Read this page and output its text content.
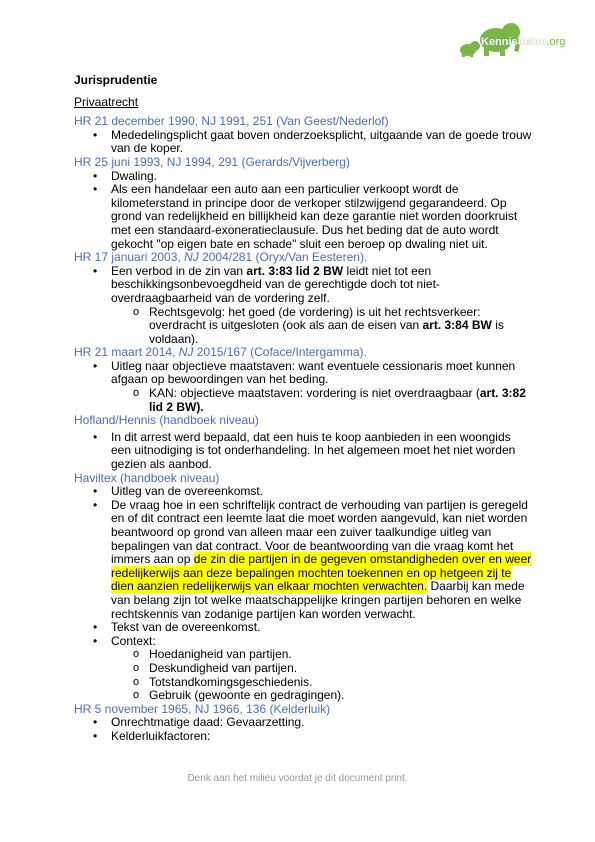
Kennisdelen.org
Jurisprudentie
Privaatrecht
HR 21 december 1990, NJ 1991, 251 (Van Geest/Nederlof)
• Mededelingsplicht gaat boven onderzoeksplicht, uitgaande van de goede trouw van de koper.
HR 25 juni 1993, NJ 1994, 291 (Gerards/Vijverberg)
• Dwaling.
• Als een handelaar een auto aan een particulier verkoopt wordt de kilometerstand in principe door de verkoper stilzwijgend gegarandeerd. Op grond van redelijkheid en billijkheid kan deze garantie niet worden doorkruist met een standaard-exoneratieclausule. Dus het beding dat de auto wordt gekocht "op eigen bate en schade" sluit een beroep op dwaling niet uit.
HR 17 januari 2003, NJ 2004/281 (Oryx/Van Eesteren).
• Een verbod in de zin van art. 3:83 lid 2 BW leidt niet tot een beschikkingsonbevoegdheid van de gerechtigde doch tot niet-overdraagbaarheid van de vordering zelf.
o Rechtsgevolg: het goed (de vordering) is uit het rechtsverkeer: overdracht is uitgesloten (ook als aan de eisen van art. 3:84 BW is voldaan).
HR 21 maart 2014, NJ 2015/167 (Coface/Intergamma).
• Uitleg naar objectieve maatstaven: want eventuele cessionaris moet kunnen afgaan op bewoordingen van het beding.
o KAN: objectieve maatstaven: vordering is niet overdraagbaar (art. 3:82 lid 2 BW).
Hofland/Hennis (handboek niveau)
• In dit arrest werd bepaald, dat een huis te koop aanbieden in een woongids een uitnodiging is tot onderhandeling. In het algemeen moet het niet worden gezien als aanbod.
Haviltex (handboek niveau)
• Uitleg van de overeenkomst.
• De vraag hoe in een schriftelijk contract de verhouding van partijen is geregeld en of dit contract een leemte laat die moet worden aangevuld, kan niet worden beantwoord op grond van alleen maar een zuiver taalkundige uitleg van bepalingen van dat contract. Voor de beantwoording van die vraag komt het immers aan op de zin die partijen in de gegeven omstandigheden over en weer redelijkerwijs aan deze bepalingen mochten toekennen en op hetgeen zij te dien aanzien redelijkerwijs van elkaar mochten verwachten. Daarbij kan mede van belang zijn tot welke maatschappelijke kringen partijen behoren en welke rechtskennis van zodanige partijen kan worden verwacht.
• Tekst van de overeenkomst.
• Context:
o Hoedanigheid van partijen.
o Deskundigheid van partijen.
o Totstandkomingsgeschiedenis.
o Gebruik (gewoonte en gedragingen).
HR 5 november 1965, NJ 1966, 136 (Kelderluik)
• Onrechtmatige daad: Gevaarzetting.
• Kelderluikfactoren:
Denk aan het milieu voordat je dit document print.
